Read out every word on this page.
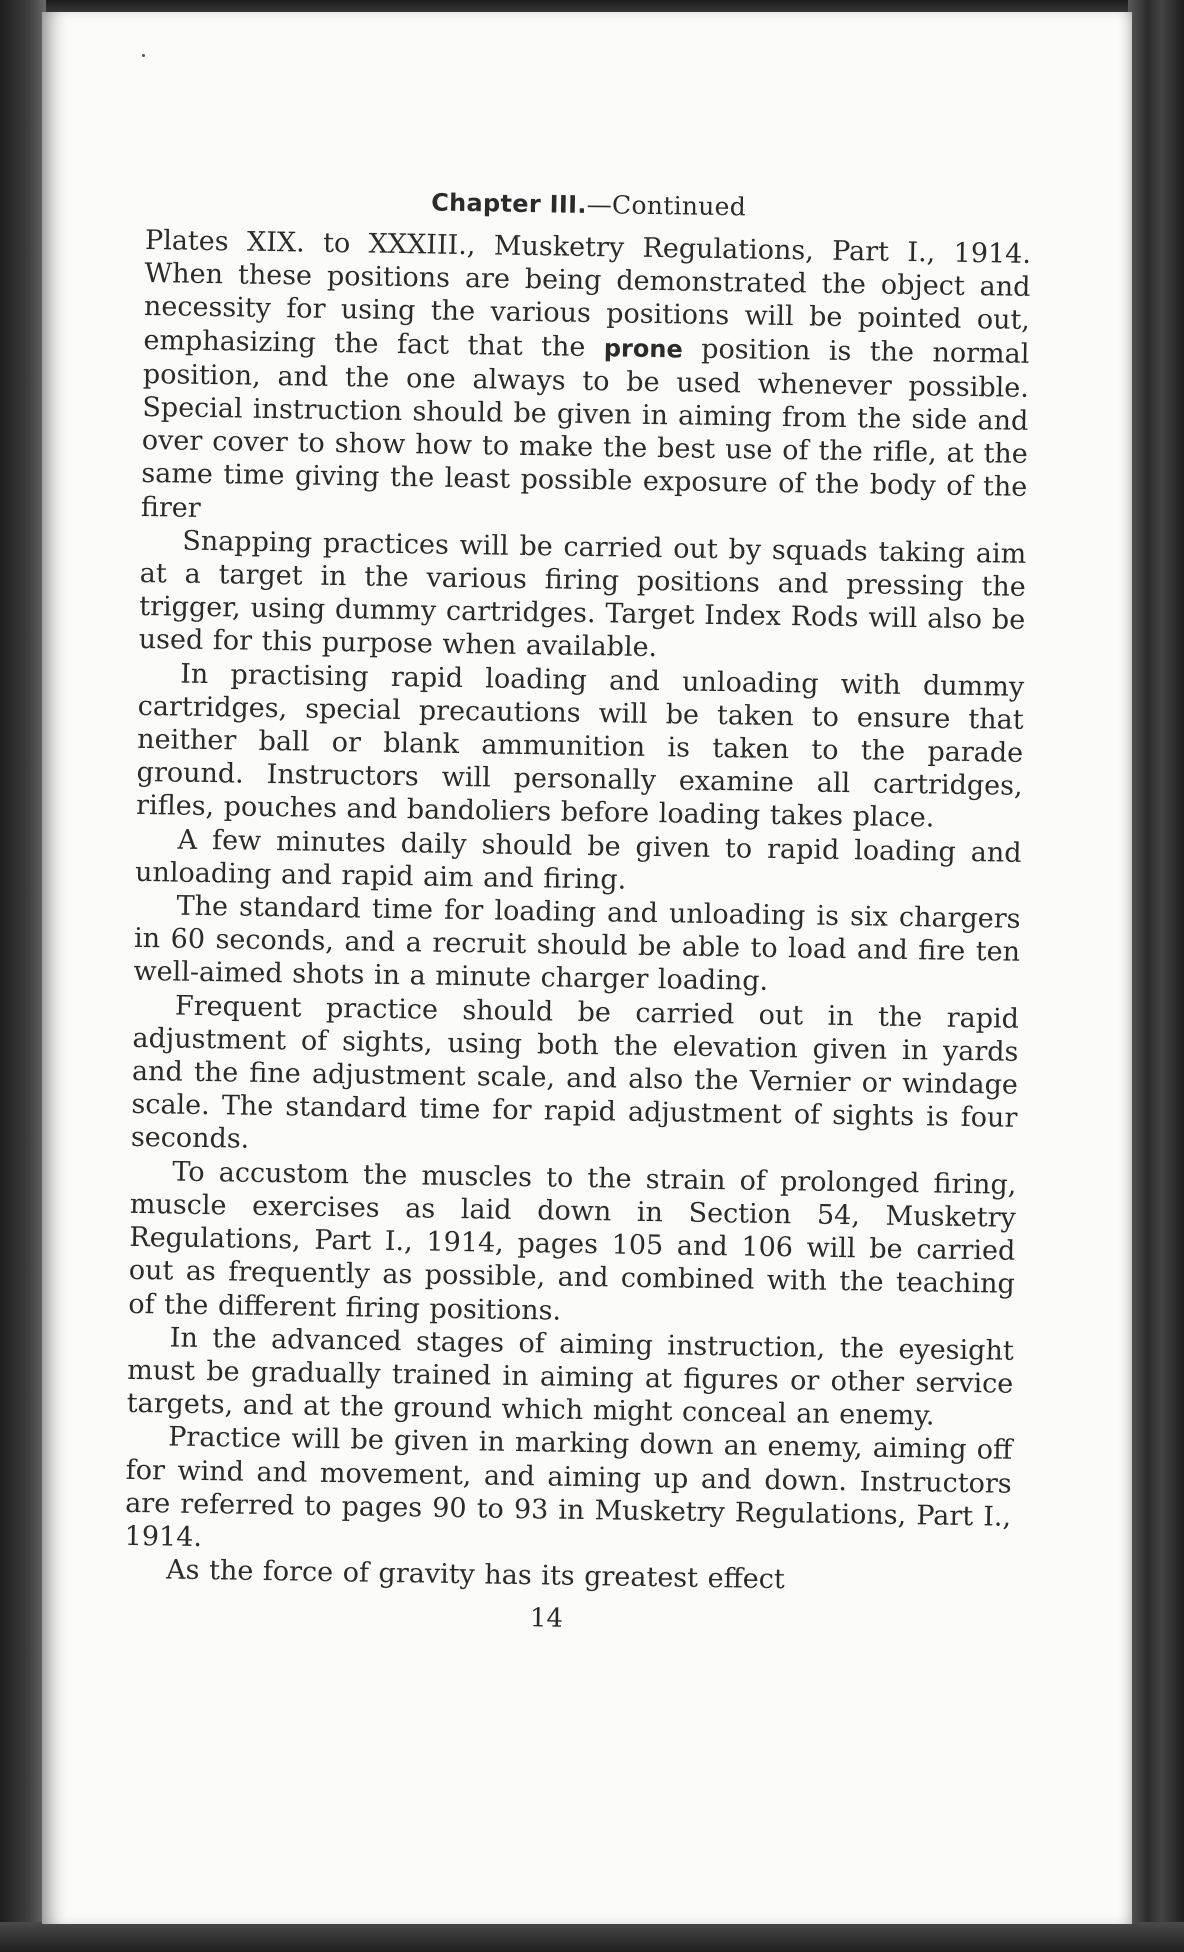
Chapter III.—Continued

Plates XIX. to XXXIII., Musketry Regulations, Part I., 1914. When these positions are being demonstrated the object and necessity for using the various positions will be pointed out, emphasizing the fact that the prone position is the normal position, and the one always to be used whenever possible. Special instruction should be given in aiming from the side and over cover to show how to make the best use of the rifle, at the same time giving the least possible exposure of the body of the firer

Snapping practices will be carried out by squads taking aim at a target in the various firing positions and pressing the trigger, using dummy cartridges. Target Index Rods will also be used for this purpose when available.

In practising rapid loading and unloading with dummy cartridges, special precautions will be taken to ensure that neither ball or blank ammunition is taken to the parade ground. Instructors will personally examine all cartridges, rifles, pouches and bandoliers before loading takes place.

A few minutes daily should be given to rapid loading and unloading and rapid aim and firing.

The standard time for loading and unloading is six chargers in 60 seconds, and a recruit should be able to load and fire ten well-aimed shots in a minute charger loading.

Frequent practice should be carried out in the rapid adjustment of sights, using both the elevation given in yards and the fine adjustment scale, and also the Vernier or windage scale. The standard time for rapid adjustment of sights is four seconds.

To accustom the muscles to the strain of prolonged firing, muscle exercises as laid down in Section 54, Musketry Regulations, Part I., 1914, pages 105 and 106 will be carried out as frequently as possible, and combined with the teaching of the different firing positions.

In the advanced stages of aiming instruction, the eyesight must be gradually trained in aiming at figures or other service targets, and at the ground which might conceal an enemy.

Practice will be given in marking down an enemy, aiming off for wind and movement, and aiming up and down. Instructors are referred to pages 90 to 93 in Musketry Regulations, Part I., 1914.

As the force of gravity has its greatest effect

14
